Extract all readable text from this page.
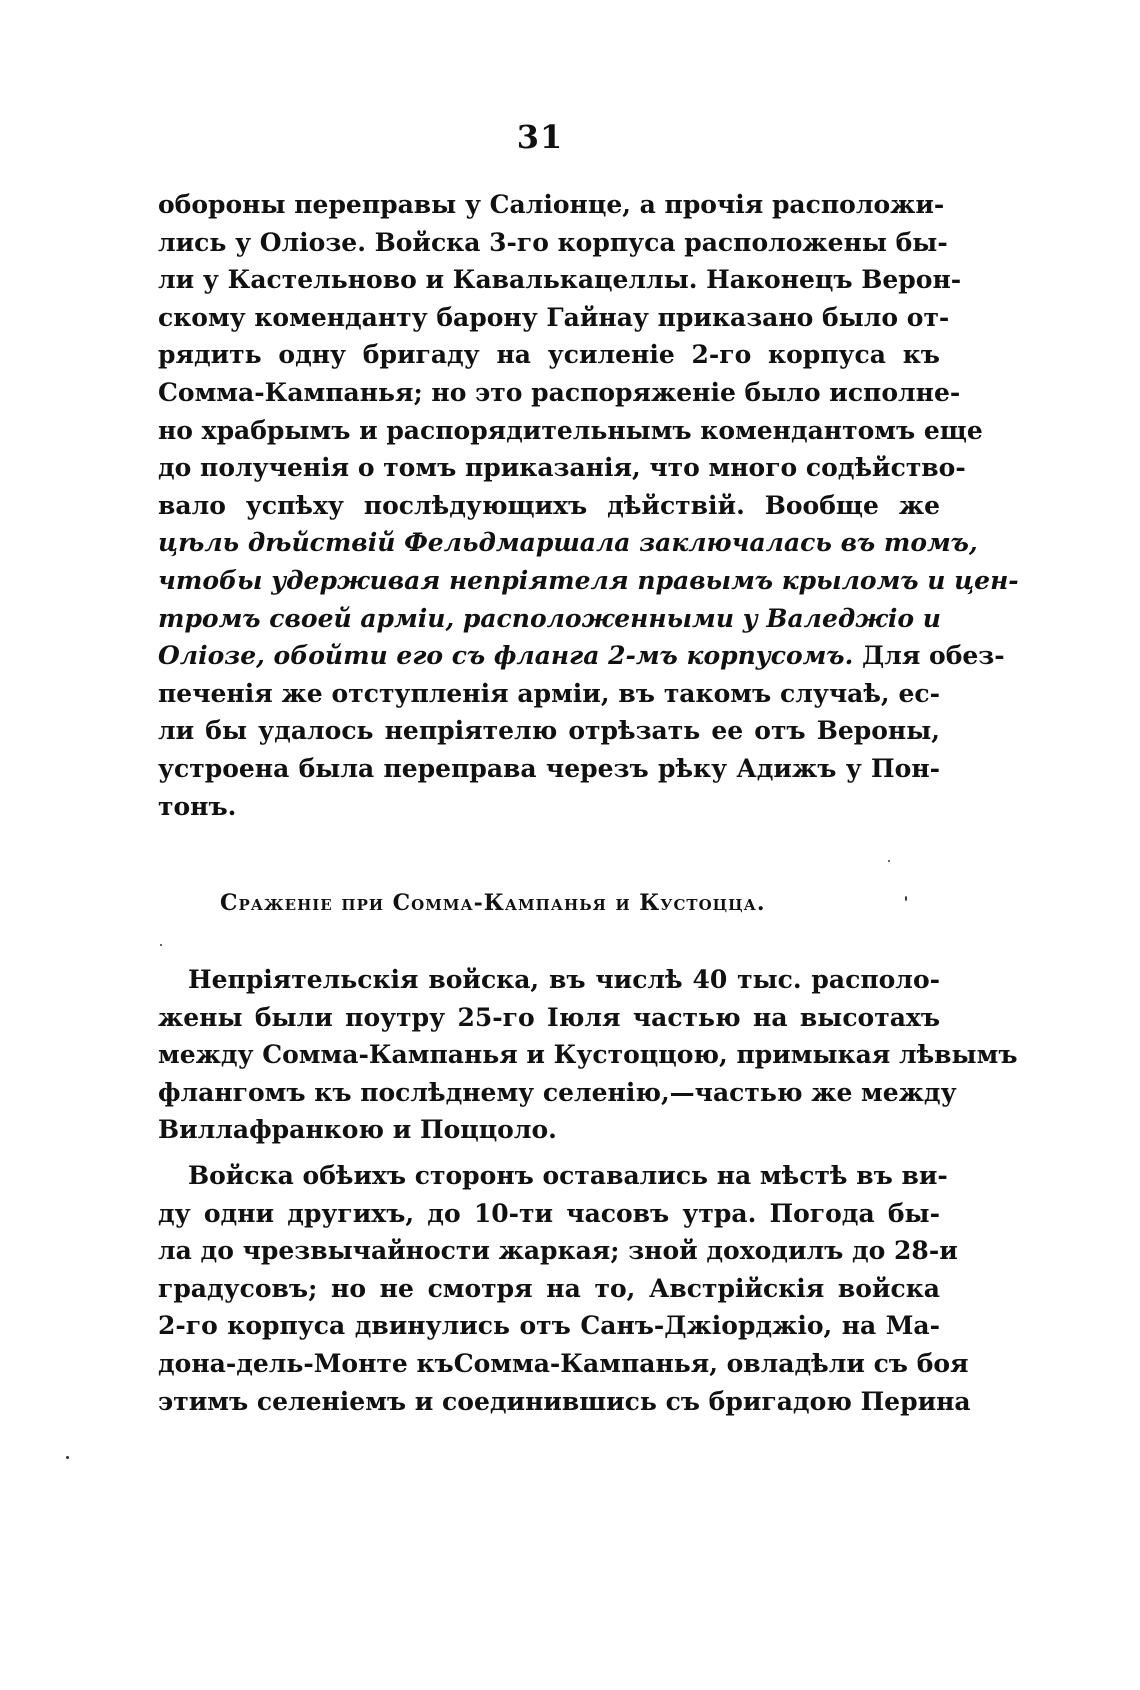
31
обороны переправы у Саліонце, а прочія расположи-
лись у Оліозе. Войска 3-го корпуса расположены бы-
ли у Кастельново и Кавалькацеллы. Наконецъ Верон-
скому коменданту барону Гайнау приказано было от-
рядить одну бригаду на усиленіе 2-го корпуса къ
Сомма-Кампанья; но это распоряженіе было исполне-
но храбрымъ и распорядительнымъ комендантомъ еще
до полученія о томъ приказанія, что много содѣйство-
вало успѣху послѣдующихъ дѣйствій. Вообще же
цѣль дѣйствій Фельдмаршала заключалась въ томъ,
чтобы удерживая непріятеля правымъ крыломъ и цен-
тромъ своей арміи, расположенными у Валеджіо и
Оліозе, обойти его съ фланга 2-мъ корпусомъ. Для обез-
печенія же отступленія арміи, въ такомъ случаѣ, ес-
ли бы удалось непріятелю отрѣзать ее отъ Вероны,
устроена была переправа черезъ рѣку Адижъ у Пон-
тонъ.
Сраженіе при Сомма-Кампанья и Кустоцца.
Непріятельскія войска, въ числѣ 40 тыс. располо-
жены были поутру 25-го Іюля частью на высотахъ
между Сомма-Кампанья и Кустоццою, примыкая лѣвымъ
флангомъ къ послѣднему селенію,—частью же между
Виллафранкою и Поццоло.
Войска обѣихъ сторонъ оставались на мѣстѣ въ ви-
ду одни другихъ, до 10-ти часовъ утра. Погода бы-
ла до чрезвычайности жаркая; зной доходилъ до 28-и
градусовъ; но не смотря на то, Австрійскія войска
2-го корпуса двинулись отъ Санъ-Джіорджіо, на Ма-
дона-дель-Монте къСомма-Кампанья, овладѣли съ боя
этимъ селеніемъ и соединившись съ бригадою Перина
